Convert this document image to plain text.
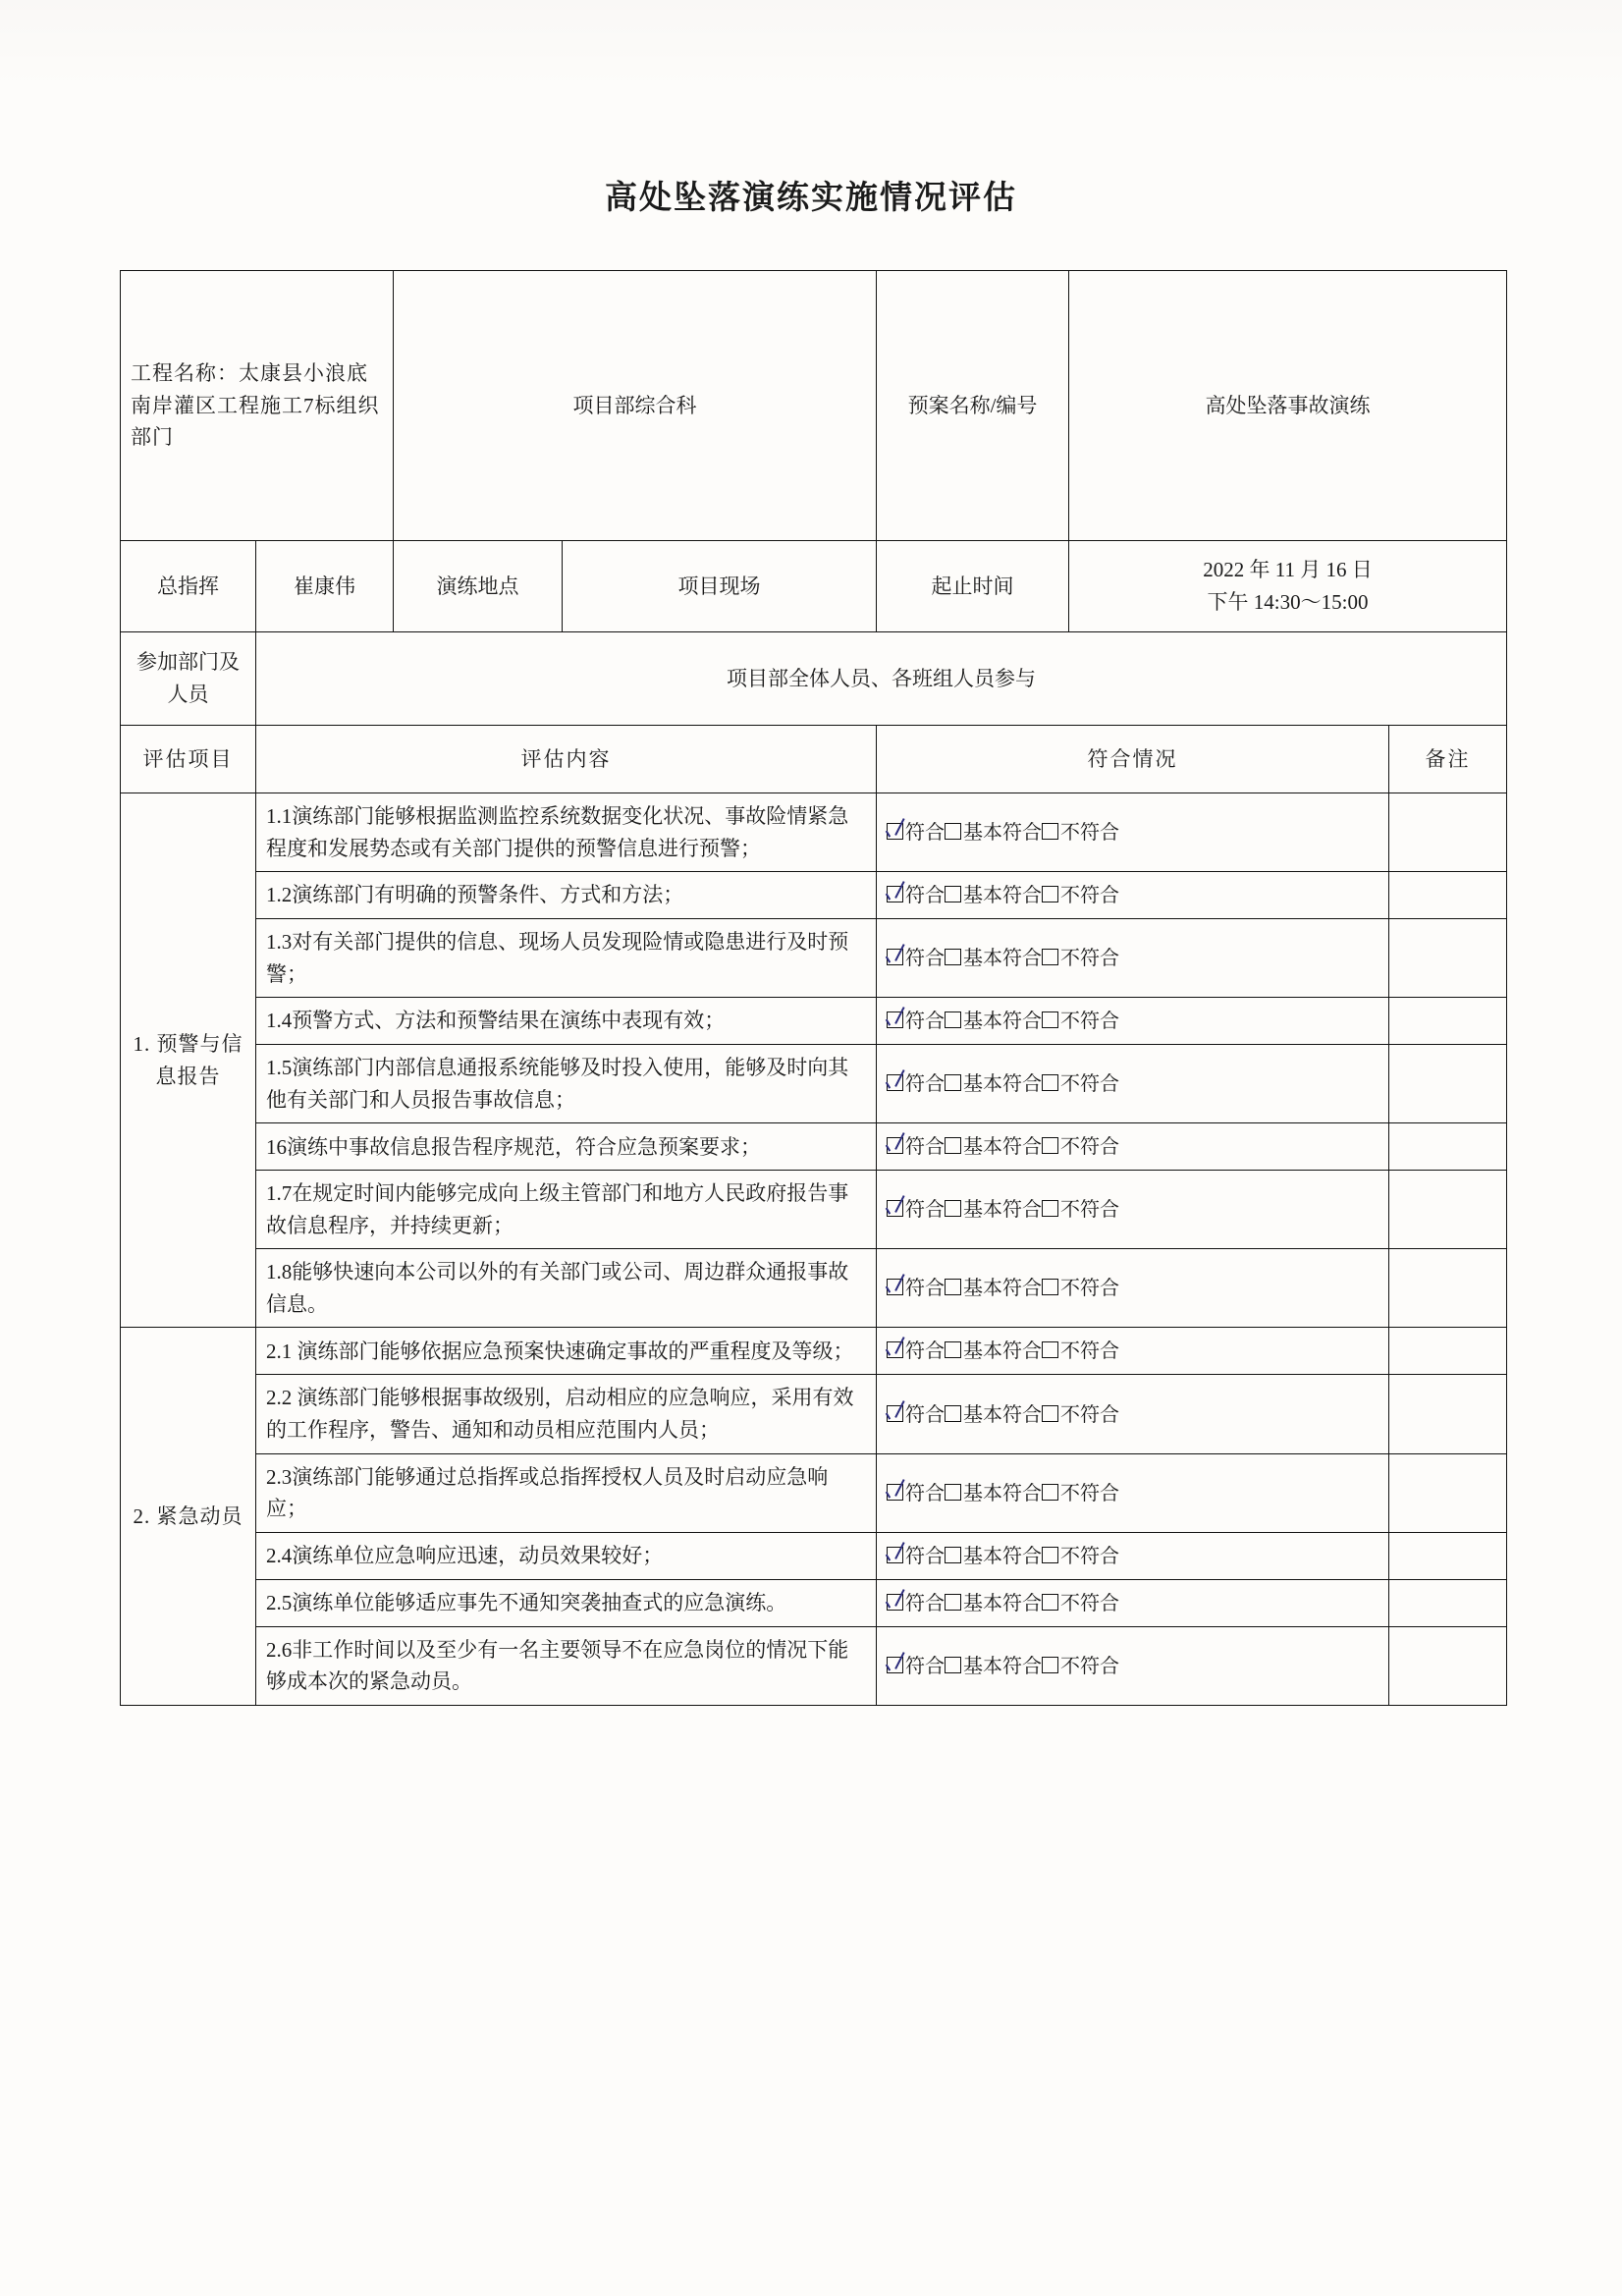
高处坠落演练实施情况评估
工程名称：太康县小浪底南岸灌区工程施工7标组织部门		项目部综合科		预案名称/编号	高处坠落事故演练	
总指挥	崔康伟	演练地点	项目现场	起止时间	2022 年 11 月 16 日
下午 14:30～15:00	

参加部门及人员	项目部全体人员、各班组人员参与					
评估项目	评估内容			符合情况		备注
1. 预警与信息报告	1.1演练部门能够根据监测监控系统数据变化状况、事故险情紧急程度和发展势态或有关部门提供的预警信息进行预警；			符合 基本符合 不符合		
	1.2演练部门有明确的预警条件、方式和方法；			符合 基本符合 不符合		
	1.3对有关部门提供的信息、现场人员发现险情或隐患进行及时预警；			符合 基本符合 不符合		
	1.4预警方式、方法和预警结果在演练中表现有效；			符合 基本符合 不符合		
	1.5演练部门内部信息通报系统能够及时投入使用，能够及时向其他有关部门和人员报告事故信息；			符合 基本符合 不符合		
	16演练中事故信息报告程序规范，符合应急预案要求；			符合 基本符合 不符合		
	1.7在规定时间内能够完成向上级主管部门和地方人民政府报告事故信息程序，并持续更新；			符合 基本符合 不符合		
	1.8能够快速向本公司以外的有关部门或公司、周边群众通报事故信息。			符合 基本符合 不符合		
2. 紧急动员	2.1 演练部门能够依据应急预案快速确定事故的严重程度及等级；			符合 基本符合 不符合		
	2.2 演练部门能够根据事故级别，启动相应的应急响应，采用有效的工作程序，警告、通知和动员相应范围内人员；			符合 基本符合 不符合		
	2.3演练部门能够通过总指挥或总指挥授权人员及时启动应急响应；			符合 基本符合 不符合		
	2.4演练单位应急响应迅速，动员效果较好；			符合 基本符合 不符合		
	2.5演练单位能够适应事先不通知突袭抽查式的应急演练。			符合 基本符合 不符合		
	2.6非工作时间以及至少有一名主要领导不在应急岗位的情况下能够成本次的紧急动员。			符合 基本符合 不符合		
